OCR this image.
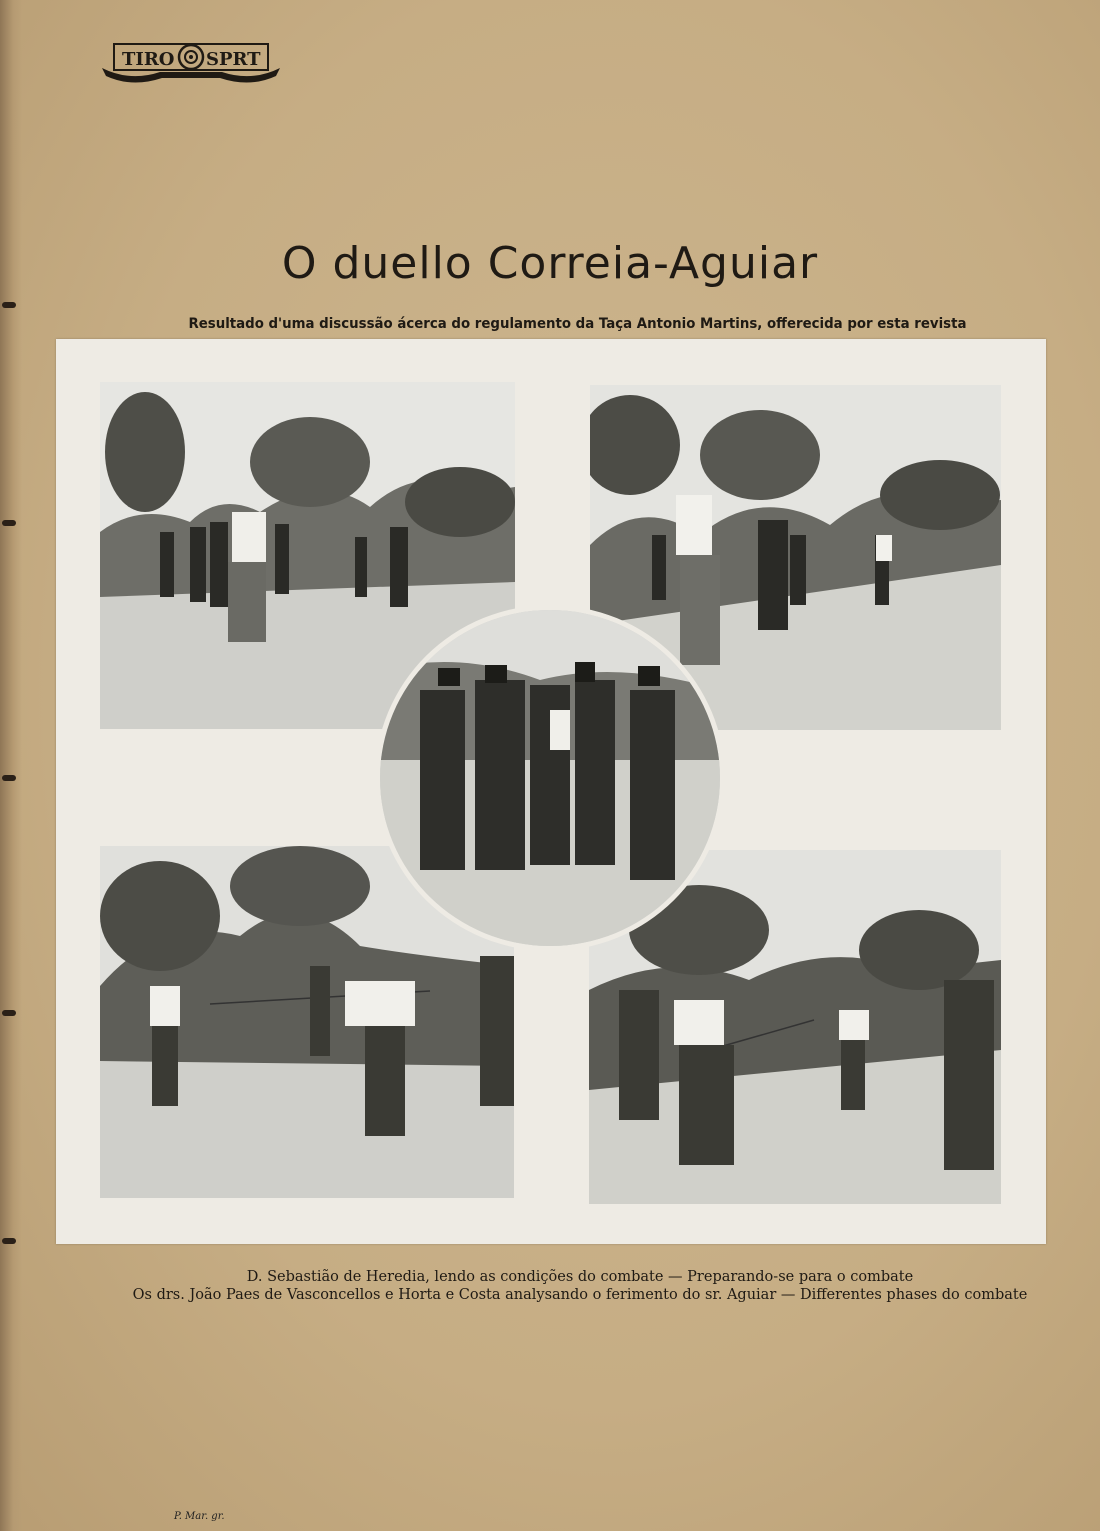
TIRO SPRT
O duello Correia-Aguiar
Resultado d'uma discussão ácerca do regulamento da Taça Antonio Martins, offerecida por esta revista
P. Mar. gr.
D. Sebastião de Heredia, lendo as condições do combate — Preparando-se para o combate
Os drs. João Paes de Vasconcellos e Horta e Costa analysando o ferimento do sr. Aguiar — Differentes phases do combate
